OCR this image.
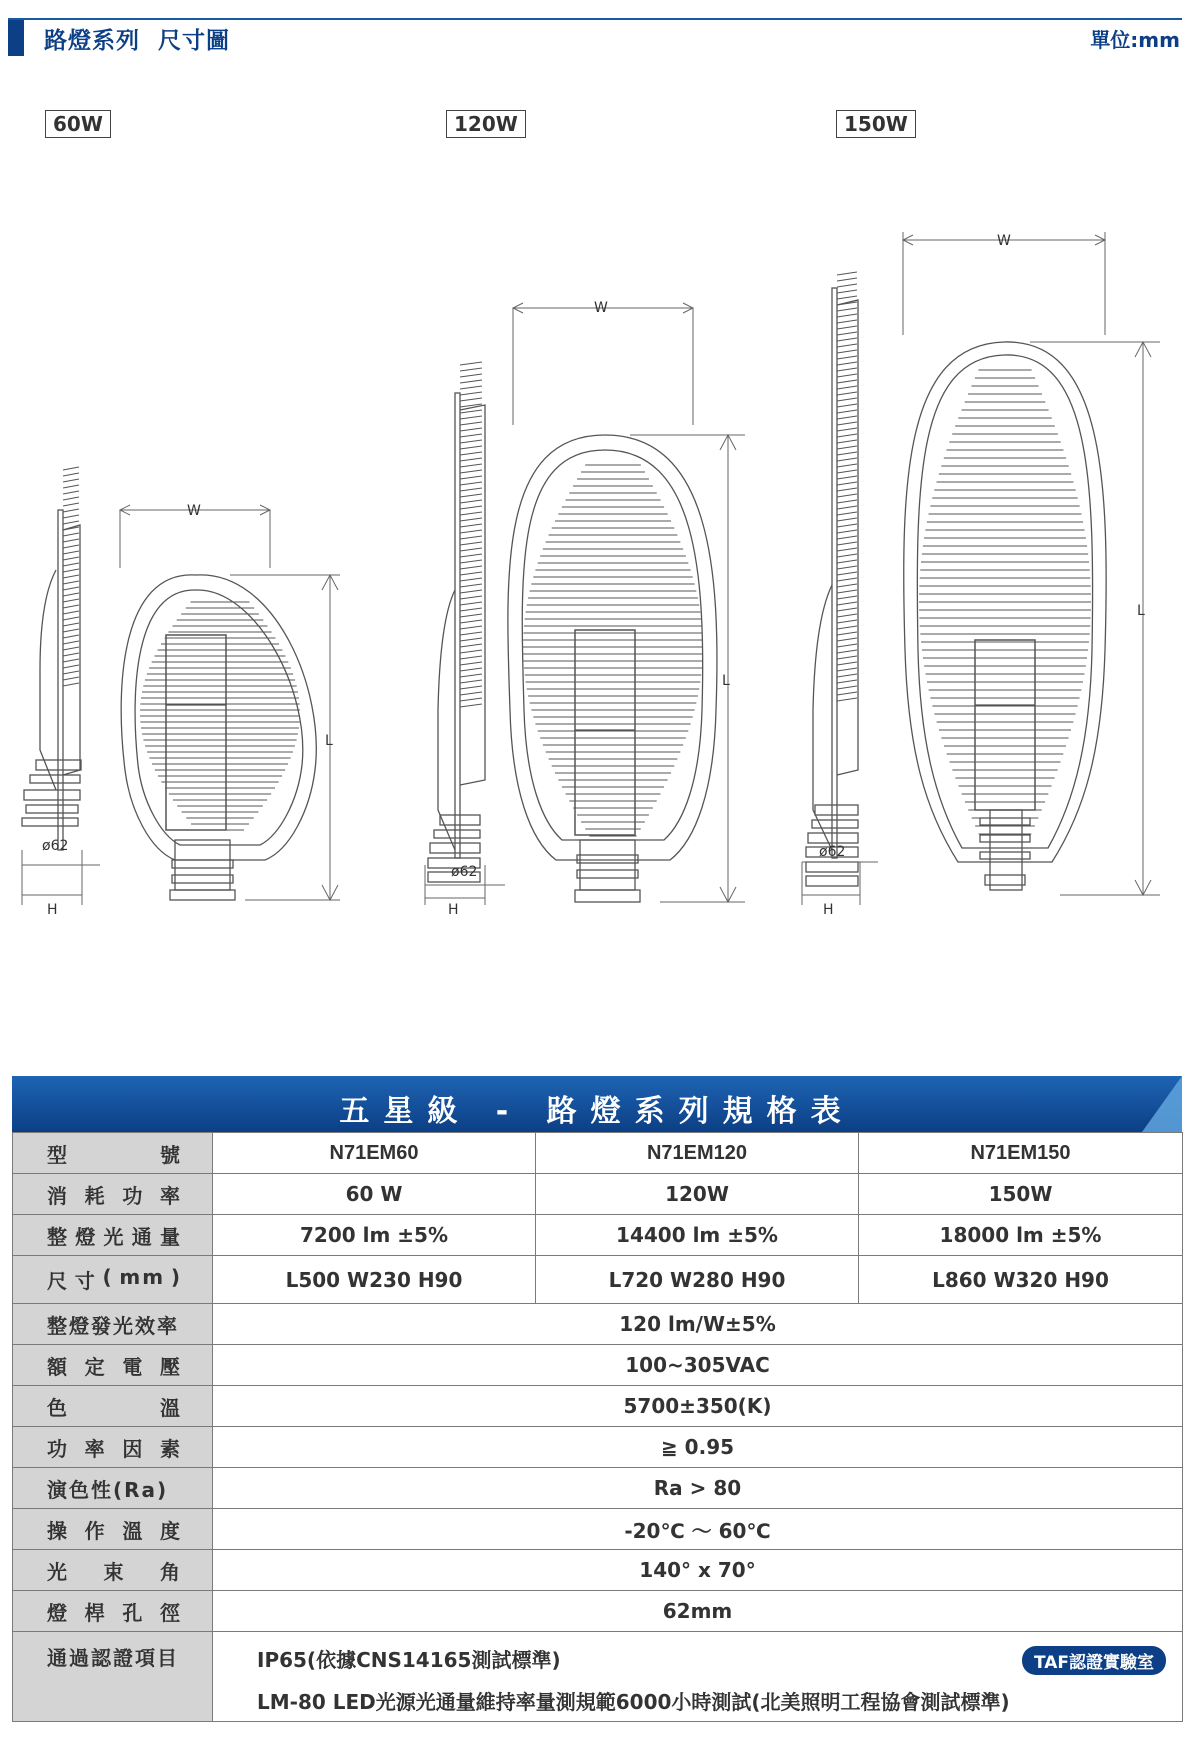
路燈系列  尺寸圖	單位:mm
60W	120W	150W
W
L
ø62
H
W
L
ø62
H
W
L
ø62
H
五星級 - 路燈系列規格表
型 號	N71EM60	N71EM120	N71EM150

消 耗 功 率	60 W	120W	150W

整 燈 光 通 量	7200 lm ±5%	14400 lm ±5%	18000 lm ±5%

尺 寸 ( mm )	L500 W230 H90	L720 W280 H90	L860 W320 H90
整燈發光效率	120 lm/W±5%		

額 定 電 壓	100~305VAC		

色 溫	5700±350(K)		

功 率 因 素	≧ 0.95		
演色性(Ra)	Ra > 80		

操 作 溫 度	-20℃ ～ 60℃		

光 束 角	140° x 70°		

燈 桿 孔 徑	62mm		
通過認證項目	IP65(依據CNS14165測試標準) TAF認證實驗室
LM-80 LED光源光通量維持率量測規範6000小時測試(北美照明工程協會測試標準)		
